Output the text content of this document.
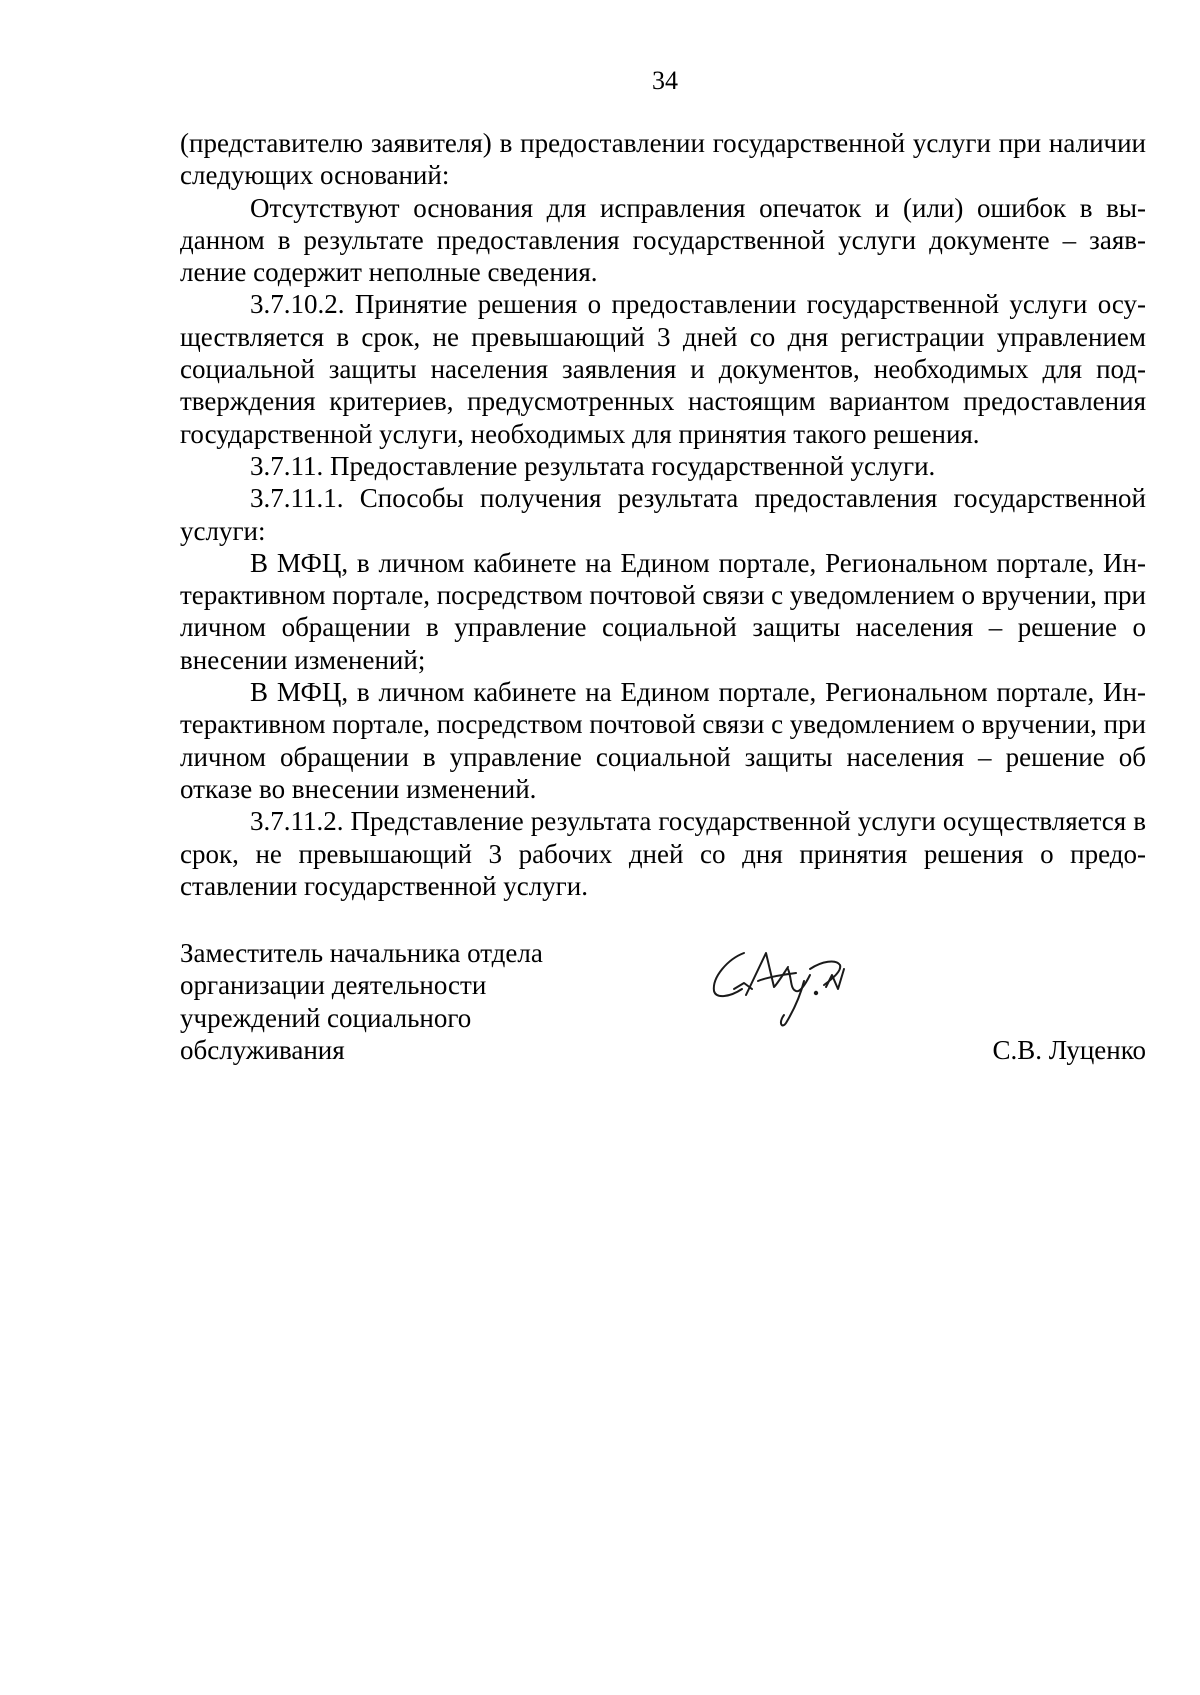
34

(представителю заявителя) в предоставлении государственной услуги при наличии следующих оснований:

Отсутствуют основания для исправления опечаток и (или) ошибок в выданном в результате предоставления государственной услуги документе – заявление содержит неполные сведения.

3.7.10.2. Принятие решения о предоставлении государственной услуги осуществляется в срок, не превышающий 3 дней со дня регистрации управлением социальной защиты населения заявления и документов, необходимых для подтверждения критериев, предусмотренных настоящим вариантом предоставления государственной услуги, необходимых для принятия такого решения.

3.7.11. Предоставление результата государственной услуги.

3.7.11.1. Способы получения результата предоставления государственной услуги:

В МФЦ, в личном кабинете на Едином портале, Региональном портале, Интерактивном портале, посредством почтовой связи с уведомлением о вручении, при личном обращении в управление социальной защиты населения – решение о внесении изменений;

В МФЦ, в личном кабинете на Едином портале, Региональном портале, Интерактивном портале, посредством почтовой связи с уведомлением о вручении, при личном обращении в управление социальной защиты населения – решение об отказе во внесении изменений.

3.7.11.2. Представление результата государственной услуги осуществляется в срок, не превышающий 3 рабочих дней со дня принятия решения о предоставлении государственной услуги.

Заместитель начальника отдела
организации деятельности
учреждений социального
обслуживания	С.В. Луценко
